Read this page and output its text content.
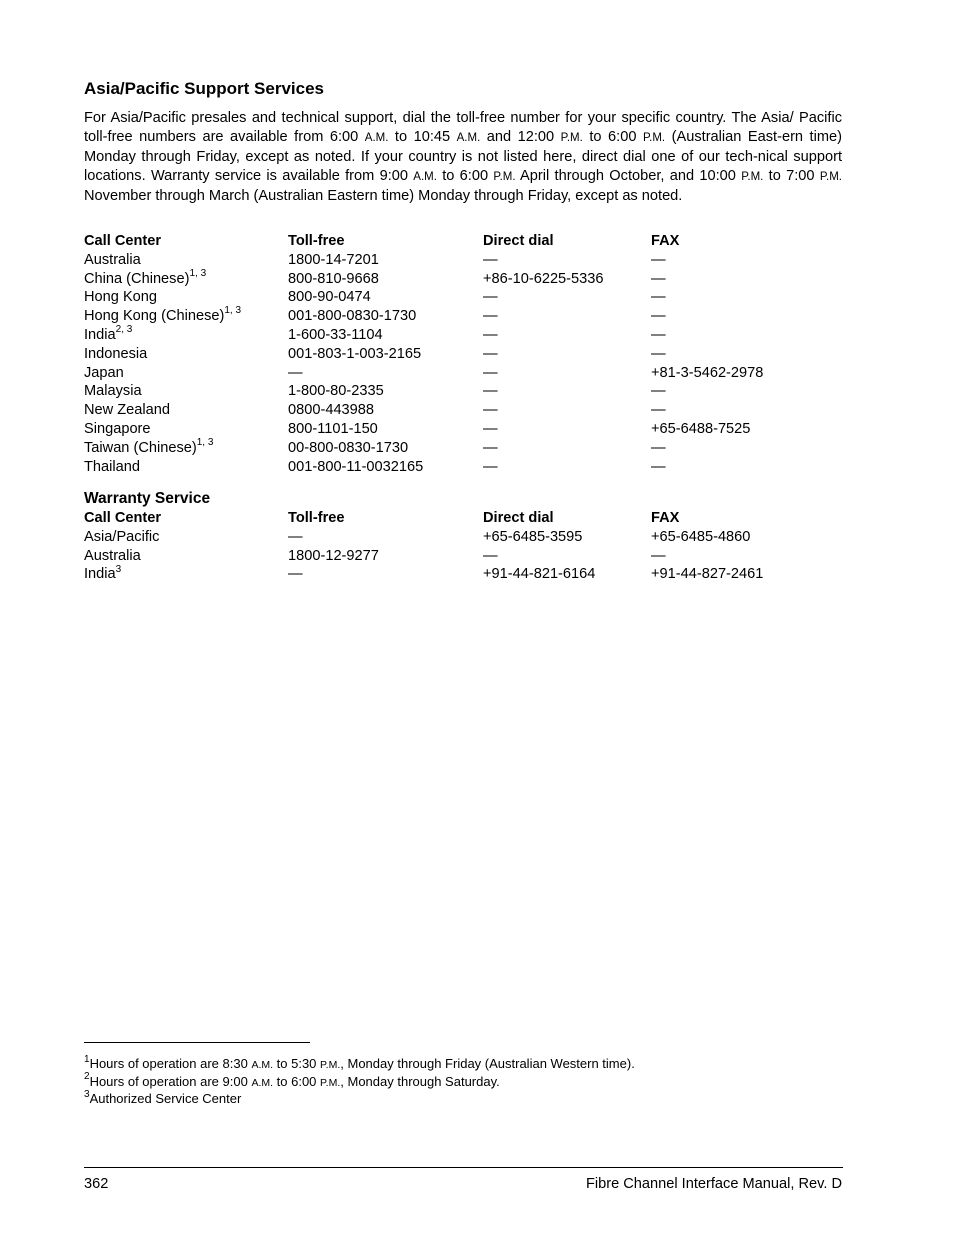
Asia/Pacific Support Services

For Asia/Pacific presales and technical support, dial the toll-free number for your specific country. The Asia/ Pacific toll-free numbers are available from 6:00 A.M. to 10:45 A.M. and 12:00 P.M. to 6:00 P.M. (Australian East-ern time) Monday through Friday, except as noted. If your country is not listed here, direct dial one of our tech-nical support locations. Warranty service is available from 9:00 A.M. to 6:00 P.M. April through October, and 10:00 P.M. to 7:00 P.M. November through March (Australian Eastern time) Monday through Friday, except as noted.

Call Center	Toll-free	Direct dial	FAX
Australia	1800-14-7201	—	—
China (Chinese)$^{1, 3}$	800-810-9668	+86-10-6225-5336	—
Hong Kong	800-90-0474	—	—
Hong Kong (Chinese)$^{1, 3}$	001-800-0830-1730	—	—
India$^{2, 3}$	1-600-33-1104	—	—
Indonesia	001-803-1-003-2165	—	—
Japan	—	—	+81-3-5462-2978
Malaysia	1-800-80-2335	—	—
New Zealand	0800-443988	—	—
Singapore	800-1101-150	—	+65-6488-7525
Taiwan (Chinese)$^{1, 3}$	00-800-0830-1730	—	—
Thailand	001-800-11-0032165	—	—
Warranty Service
Call Center	Toll-free	Direct dial	FAX
Asia/Pacific	—	+65-6485-3595	+65-6485-4860
Australia	1800-12-9277	—	—
India$^3$	—	+91-44-821-6164	+91-44-827-2461
$^1$Hours of operation are 8:30 A.M. to 5:30 P.M., Monday through Friday (Australian Western time).
$^2$Hours of operation are 9:00 A.M. to 6:00 P.M., Monday through Saturday.
$^3$Authorized Service Center
362	Fibre Channel Interface Manual, Rev. D
